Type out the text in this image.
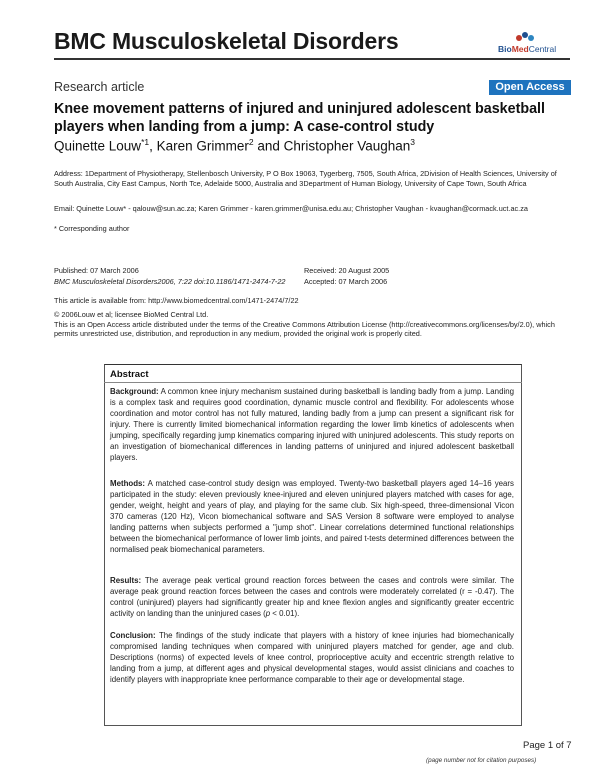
BMC Musculoskeletal Disorders	BioMedCentral
Research article	Open Access
Knee movement patterns of injured and uninjured adolescent basketball players when landing from a jump: A case-control study
Quinette Louw$^{*1}$, Karen Grimmer$^2$ and Christopher Vaughan$^3$
Address: 1Department of Physiotherapy, Stellenbosch University, P O Box 19063, Tygerberg, 7505, South Africa, 2Division of Health Sciences, University of South Australia, City East Campus, North Tce, Adelaide 5000, Australia and 3Department of Human Biology, University of Cape Town, South Africa
Email: Quinette Louw* - qalouw@sun.ac.za; Karen Grimmer - karen.grimmer@unisa.edu.au; Christopher Vaughan - kvaughan@cormack.uct.ac.za
* Corresponding author
Published: 07 March 2006
BMC Musculoskeletal Disorders2006, 7:22 doi:10.1186/1471-2474-7-22
Received: 20 August 2005
Accepted: 07 March 2006
This article is available from: http://www.biomedcentral.com/1471-2474/7/22
© 2006Louw et al; licensee BioMed Central Ltd.
This is an Open Access article distributed under the terms of the Creative Commons Attribution License (http://creativecommons.org/licenses/by/2.0), which permits unrestricted use, distribution, and reproduction in any medium, provided the original work is properly cited.
Abstract
Background: A common knee injury mechanism sustained during basketball is landing badly from a jump. Landing is a complex task and requires good coordination, dynamic muscle control and flexibility. For adolescents whose coordination and motor control has not fully matured, landing badly from a jump can present a significant risk for injury. There is currently limited biomechanical information regarding the lower limb kinetics of adolescents when jumping, specifically regarding jump kinematics comparing injured with uninjured adolescents. This study reports on an investigation of biomechanical differences in landing patterns of uninjured and injured adolescent basketball players.
Methods: A matched case-control study design was employed. Twenty-two basketball players aged 14–16 years participated in the study: eleven previously knee-injured and eleven uninjured players matched with cases for age, gender, weight, height and years of play, and playing for the same club. Six high-speed, three-dimensional Vicon 370 cameras (120 Hz), Vicon biomechanical software and SAS Version 8 software were employed to analyse landing patterns when subjects performed a "jump shot". Linear correlations determined functional relationships between the biomechanical performance of lower limb joints, and paired t-tests determined differences between the normalised peak biomechanical parameters.
Results: The average peak vertical ground reaction forces between the cases and controls were similar. The average peak ground reaction forces between the cases and controls were moderately correlated (r = -0.47). The control (uninjured) players had significantly greater hip and knee flexion angles and significantly greater eccentric activity on landing than the uninjured cases (p < 0.01).
Conclusion: The findings of the study indicate that players with a history of knee injuries had biomechanically compromised landing techniques when compared with uninjured players matched for gender, age and club. Descriptions (norms) of expected levels of knee control, proprioceptive acuity and eccentric strength relative to landing from a jump, at different ages and physical developmental stages, would assist clinicians and coaches to identify players with inappropriate knee performance comparable to their age or developmental stage.
Page 1 of 7
(page number not for citation purposes)
